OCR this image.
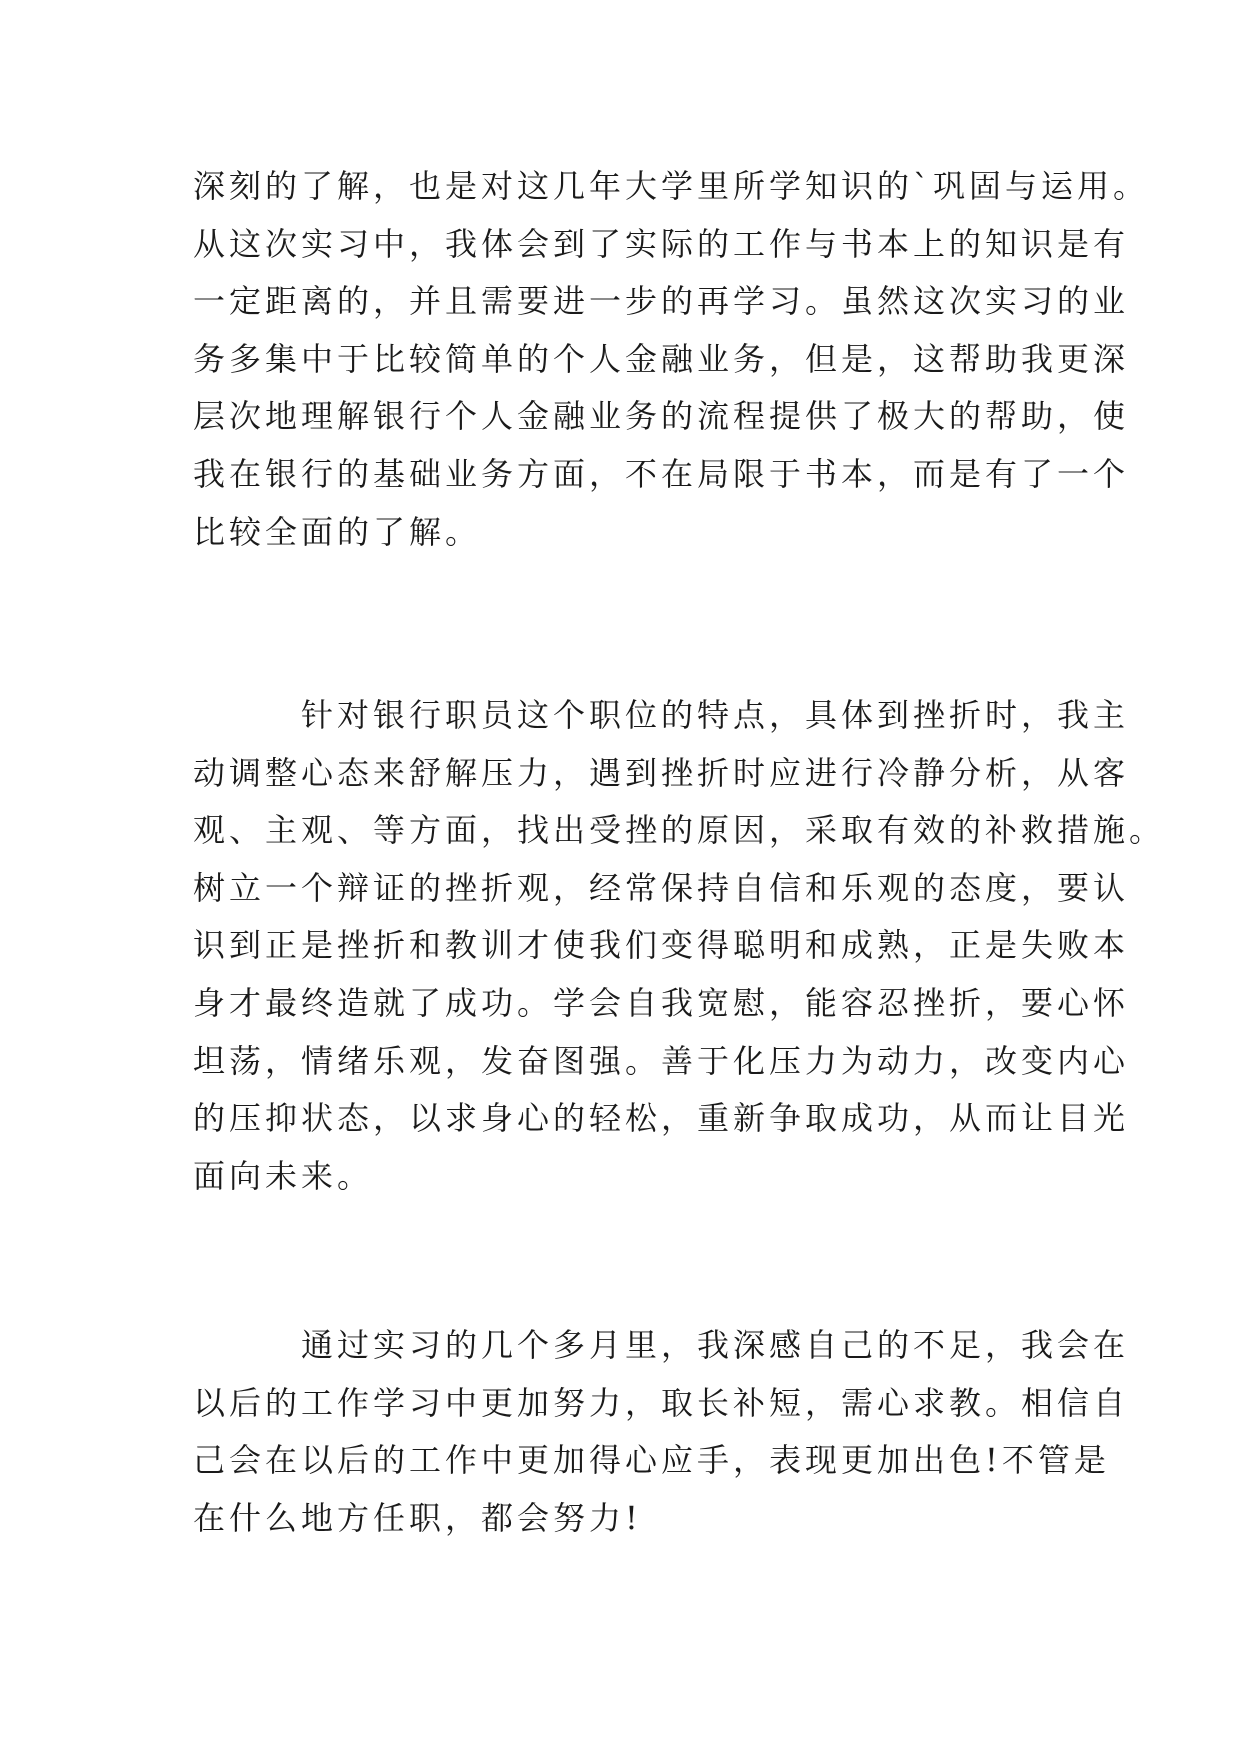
深刻的了解，也是对这几年大学里所学知识的`巩固与运用。
从这次实习中，我体会到了实际的工作与书本上的知识是有
一定距离的，并且需要进一步的再学习。虽然这次实习的业
务多集中于比较简单的个人金融业务，但是，这帮助我更深
层次地理解银行个人金融业务的流程提供了极大的帮助，使
我在银行的基础业务方面，不在局限于书本，而是有了一个
比较全面的了解。
针对银行职员这个职位的特点，具体到挫折时，我主
动调整心态来舒解压力，遇到挫折时应进行冷静分析，从客
观、主观、等方面，找出受挫的原因，采取有效的补救措施。
树立一个辩证的挫折观，经常保持自信和乐观的态度，要认
识到正是挫折和教训才使我们变得聪明和成熟，正是失败本
身才最终造就了成功。学会自我宽慰，能容忍挫折，要心怀
坦荡，情绪乐观，发奋图强。善于化压力为动力，改变内心
的压抑状态，以求身心的轻松，重新争取成功，从而让目光
面向未来。
通过实习的几个多月里，我深感自己的不足，我会在
以后的工作学习中更加努力，取长补短，需心求教。相信自
己会在以后的工作中更加得心应手，表现更加出色!不管是
在什么地方任职，都会努力!
